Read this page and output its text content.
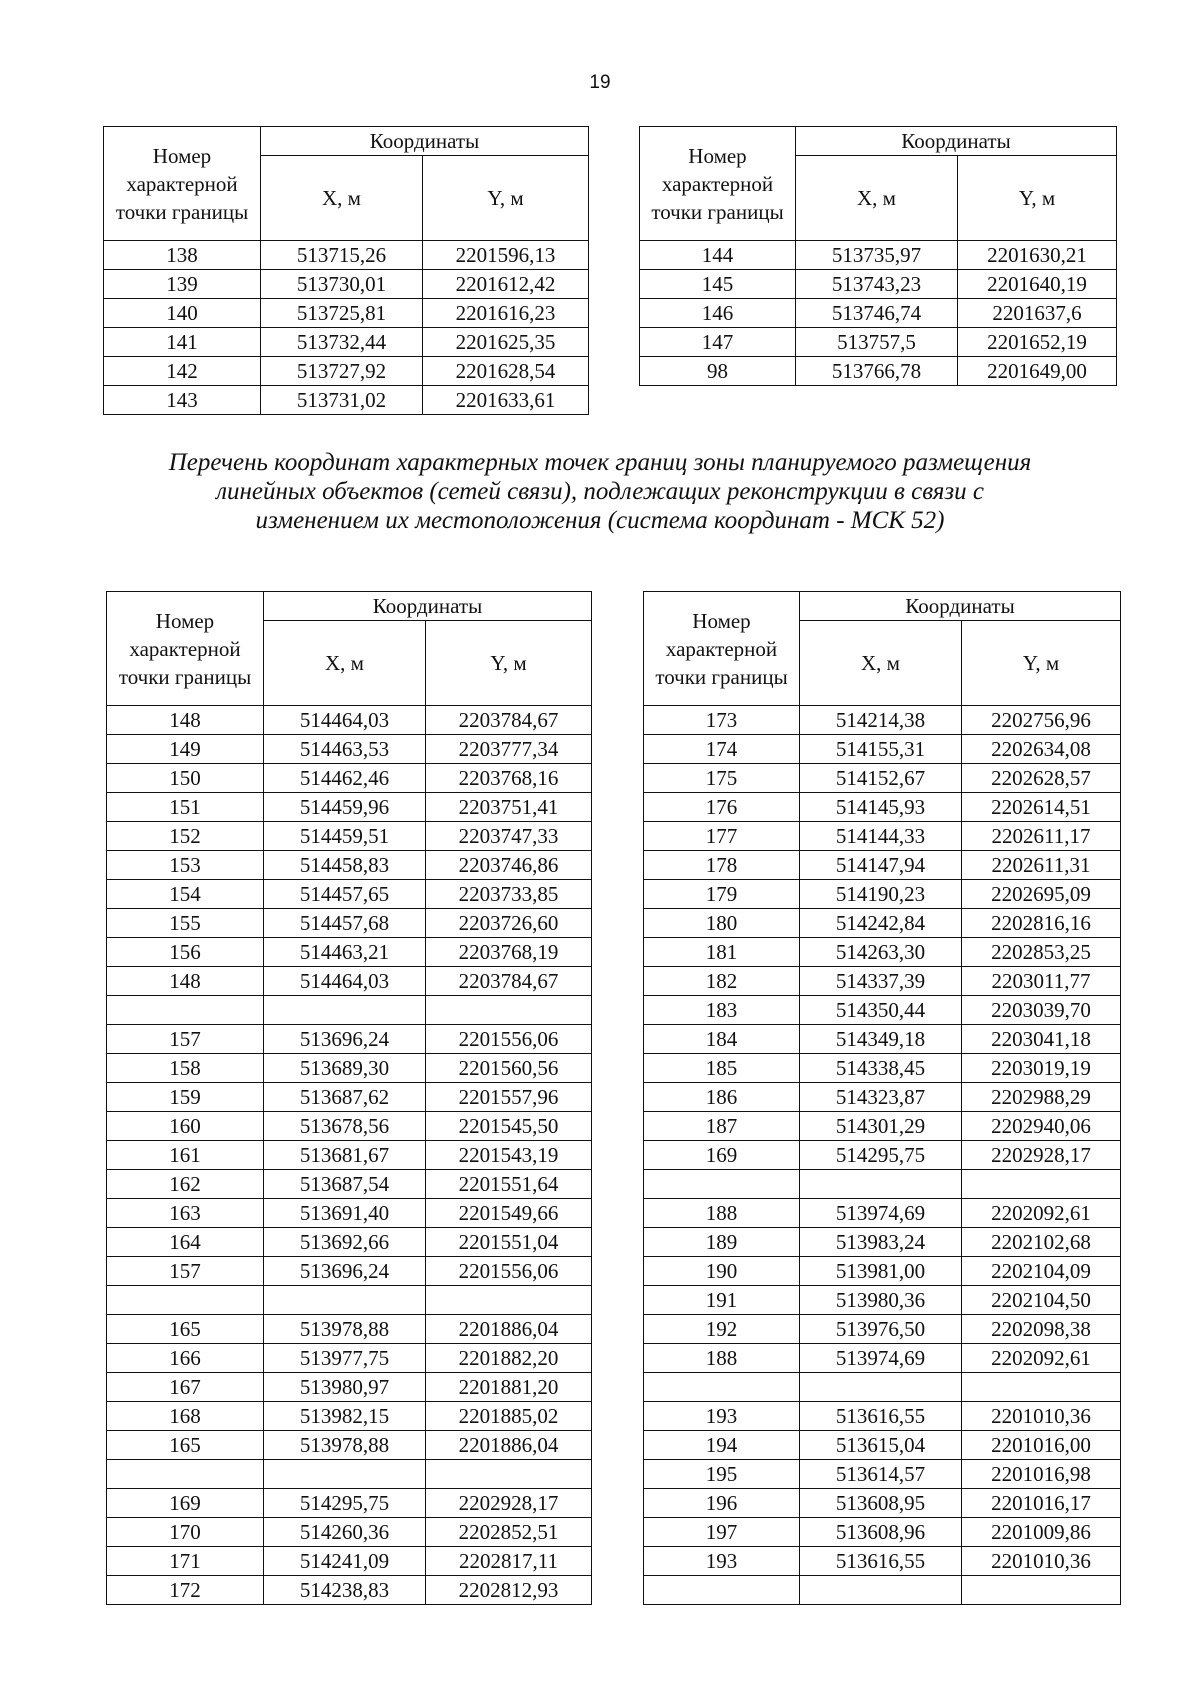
19
Номер характерной точки границы	Координаты	
	X, м	Y, м
138	513715,26	2201596,13
139	513730,01	2201612,42
140	513725,81	2201616,23
141	513732,44	2201625,35
142	513727,92	2201628,54
143	513731,02	2201633,61
Номер характерной точки границы	Координаты	
	X, м	Y, м
144	513735,97	2201630,21
145	513743,23	2201640,19
146	513746,74	2201637,6
147	513757,5	2201652,19
98	513766,78	2201649,00
Перечень координат характерных точек границ зоны планируемого размещения
линейных объектов (сетей связи), подлежащих реконструкции в связи с
изменением их местоположения (система координат - МСК 52)
Номер характерной точки границы	Координаты	
	X, м	Y, м
148	514464,03	2203784,67
149	514463,53	2203777,34
150	514462,46	2203768,16
151	514459,96	2203751,41
152	514459,51	2203747,33
153	514458,83	2203746,86
154	514457,65	2203733,85
155	514457,68	2203726,60
156	514463,21	2203768,19
148	514464,03	2203784,67

157	513696,24	2201556,06
158	513689,30	2201560,56
159	513687,62	2201557,96
160	513678,56	2201545,50
161	513681,67	2201543,19
162	513687,54	2201551,64
163	513691,40	2201549,66
164	513692,66	2201551,04
157	513696,24	2201556,06

165	513978,88	2201886,04
166	513977,75	2201882,20
167	513980,97	2201881,20
168	513982,15	2201885,02
165	513978,88	2201886,04

169	514295,75	2202928,17
170	514260,36	2202852,51
171	514241,09	2202817,11
172	514238,83	2202812,93
Номер характерной точки границы	Координаты	
	X, м	Y, м
173	514214,38	2202756,96
174	514155,31	2202634,08
175	514152,67	2202628,57
176	514145,93	2202614,51
177	514144,33	2202611,17
178	514147,94	2202611,31
179	514190,23	2202695,09
180	514242,84	2202816,16
181	514263,30	2202853,25
182	514337,39	2203011,77
183	514350,44	2203039,70
184	514349,18	2203041,18
185	514338,45	2203019,19
186	514323,87	2202988,29
187	514301,29	2202940,06
169	514295,75	2202928,17

188	513974,69	2202092,61
189	513983,24	2202102,68
190	513981,00	2202104,09
191	513980,36	2202104,50
192	513976,50	2202098,38
188	513974,69	2202092,61

193	513616,55	2201010,36
194	513615,04	2201016,00
195	513614,57	2201016,98
196	513608,95	2201016,17
197	513608,96	2201009,86
193	513616,55	2201010,36
